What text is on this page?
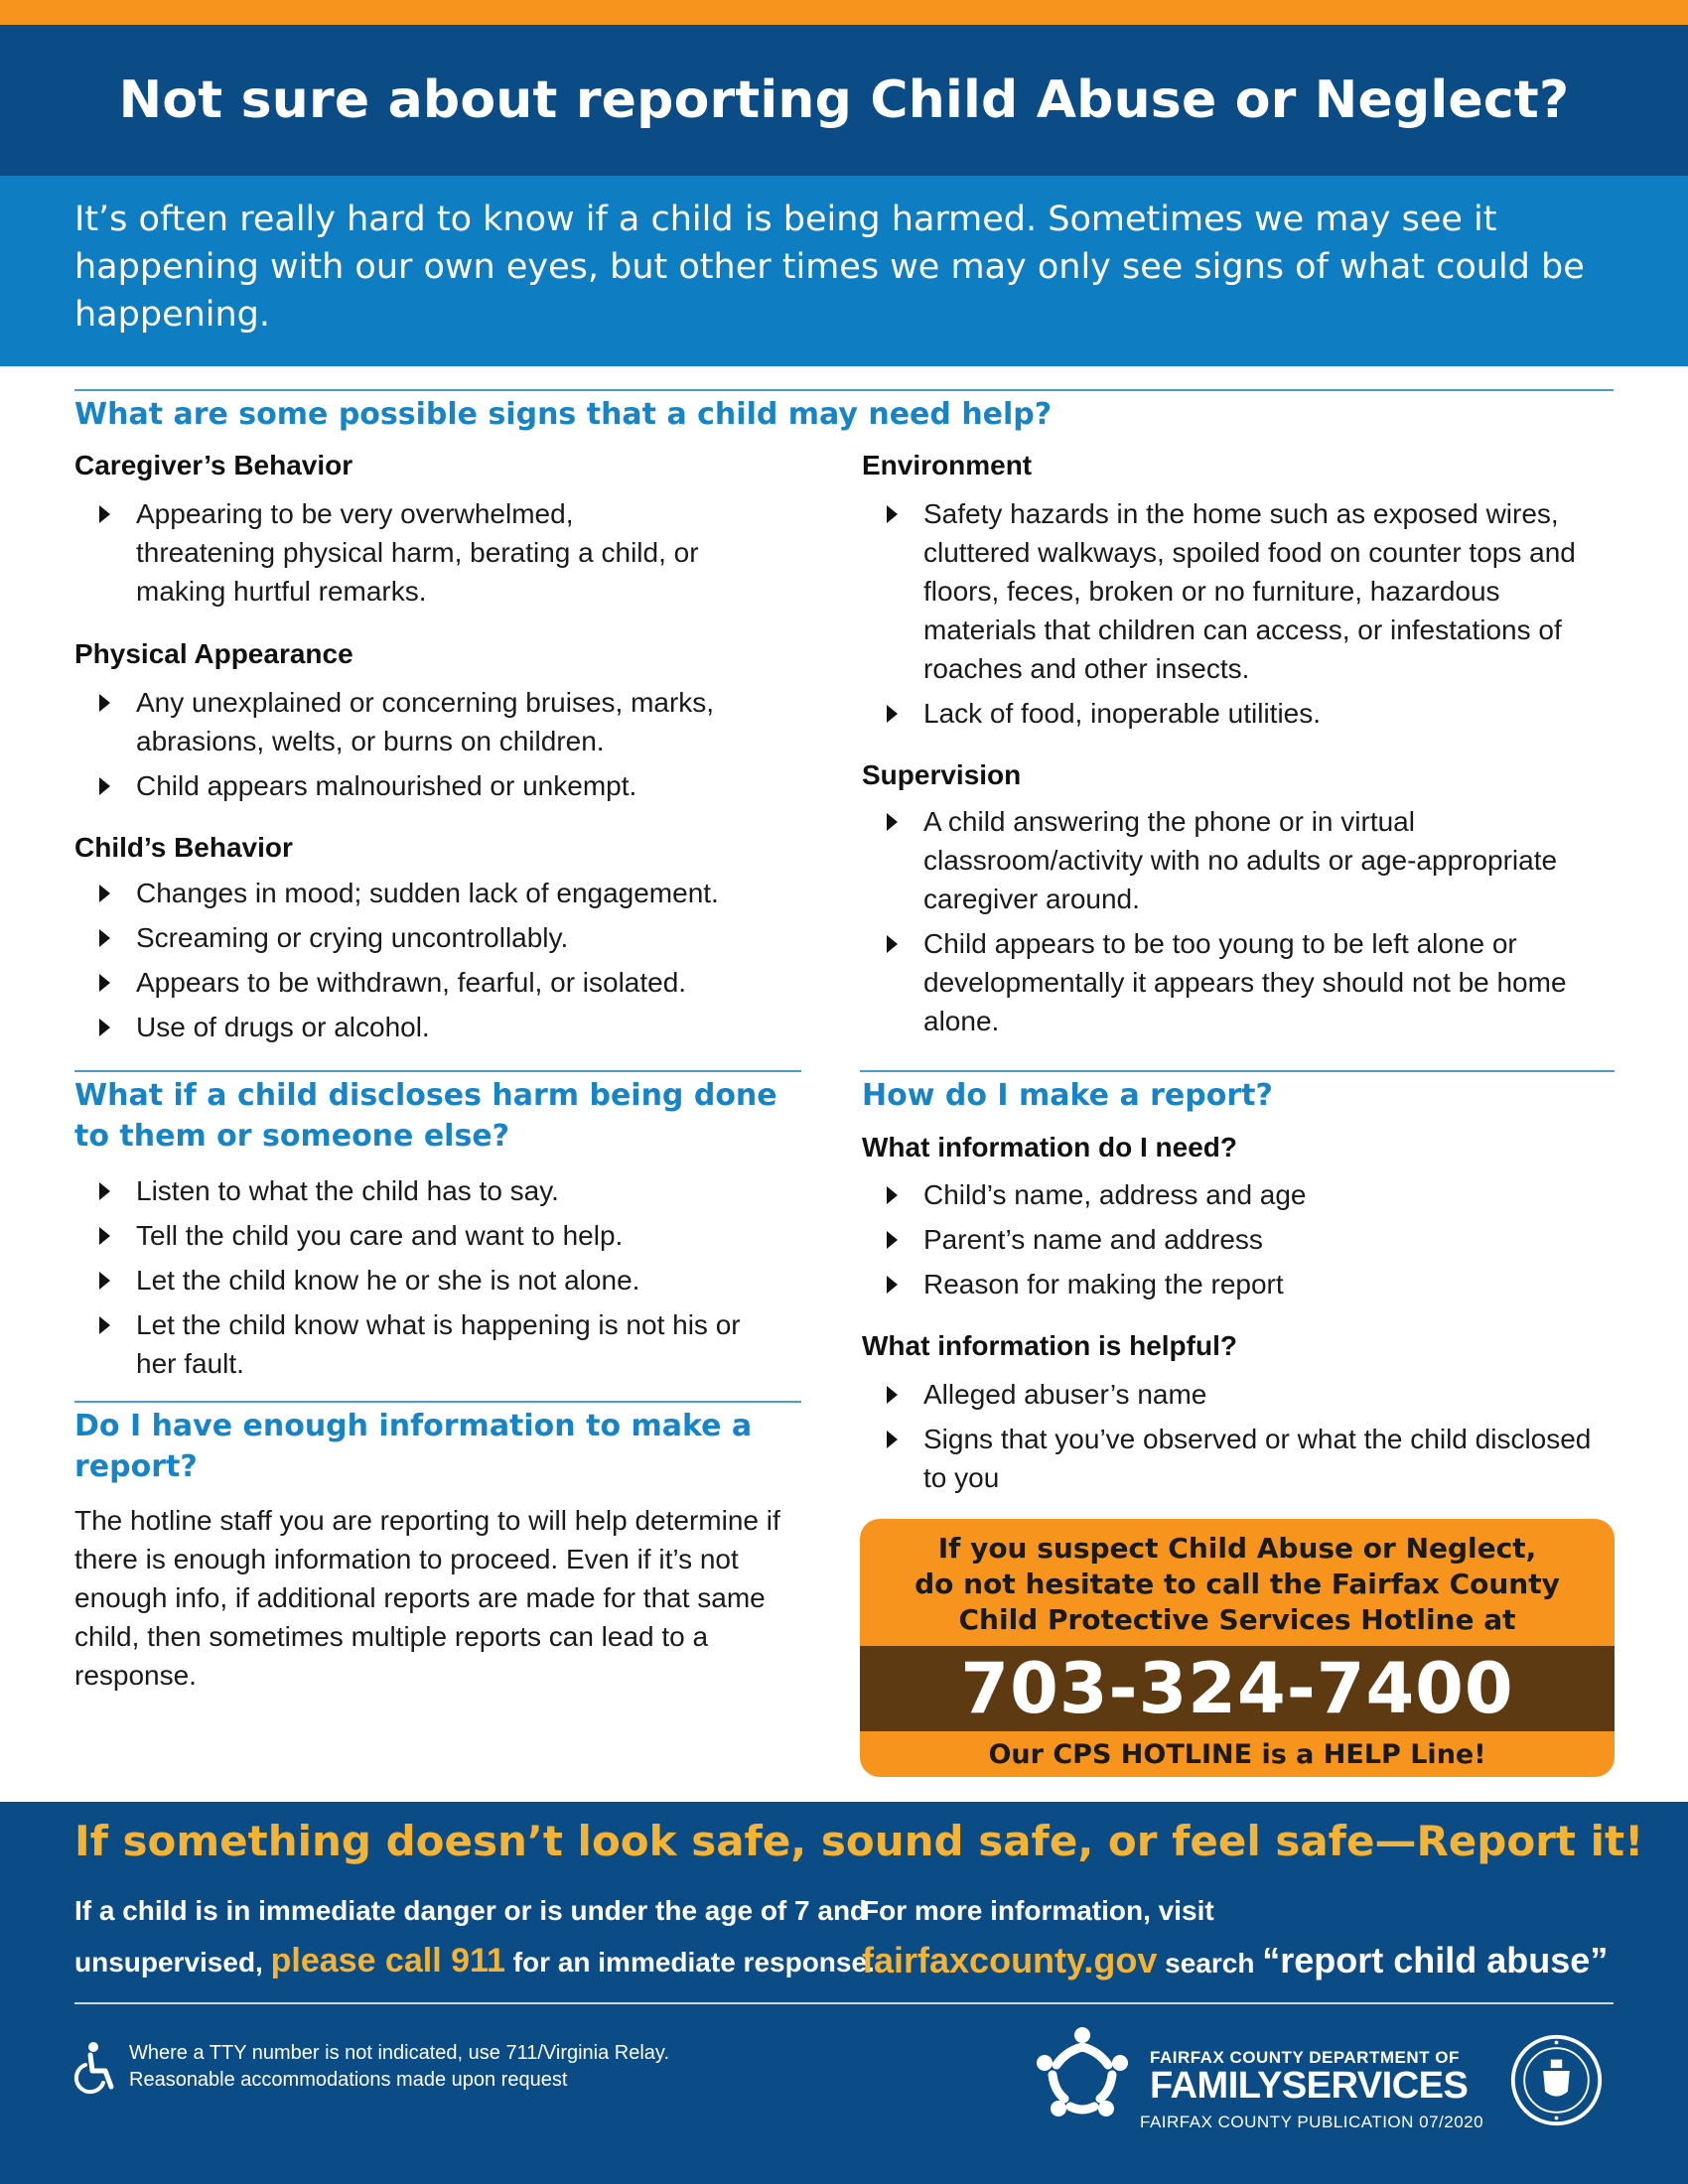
Not sure about reporting Child Abuse or Neglect?

It’s often really hard to know if a child is being harmed. Sometimes we may see it happening with our own eyes, but other times we may only see signs of what could be happening.

What are some possible signs that a child may need help?
Caregiver’s Behavior
Appearing to be very overwhelmed, threatening physical harm, berating a child, or making hurtful remarks.
Physical Appearance
Any unexplained or concerning bruises, marks, abrasions, welts, or burns on children.
Child appears malnourished or unkempt.
Child’s Behavior
Changes in mood; sudden lack of engagement.
Screaming or crying uncontrollably.
Appears to be withdrawn, fearful, or isolated.
Use of drugs or alcohol.
Environment
Safety hazards in the home such as exposed wires, cluttered walkways, spoiled food on counter tops and floors, feces, broken or no furniture, hazardous materials that children can access, or infestations of roaches and other insects.
Lack of food, inoperable utilities.
Supervision
A child answering the phone or in virtual classroom/activity with no adults or age-appropriate caregiver around.
Child appears to be too young to be left alone or developmentally it appears they should not be home alone.
What if a child discloses harm being done to them or someone else?
Listen to what the child has to say.
Tell the child you care and want to help.
Let the child know he or she is not alone.
Let the child know what is happening is not his or her fault.
Do I have enough information to make a report?

The hotline staff you are reporting to will help determine if there is enough information to proceed. Even if it’s not enough info, if additional reports are made for that same child, then sometimes multiple reports can lead to a response.

How do I make a report?
What information do I need?
Child’s name, address and age
Parent’s name and address
Reason for making the report
What information is helpful?
Alleged abuser’s name
Signs that you’ve observed or what the child disclosed to you
If you suspect Child Abuse or Neglect,
do not hesitate to call the Fairfax County
Child Protective Services Hotline at
703-324-7400
Our CPS HOTLINE is a HELP Line!
If something doesn’t look safe, sound safe, or feel safe—Report it!

If a child is in immediate danger or is under the age of 7 and
unsupervised, please call 911 for an immediate response.

For more information, visit
fairfaxcounty.gov search “report child abuse”

Where a TTY number is not indicated, use 711/Virginia Relay.
Reasonable accommodations made upon request

FAIRFAX COUNTY DEPARTMENT OF
FAMILYSERVICES
FAIRFAX COUNTY PUBLICATION 07/2020
